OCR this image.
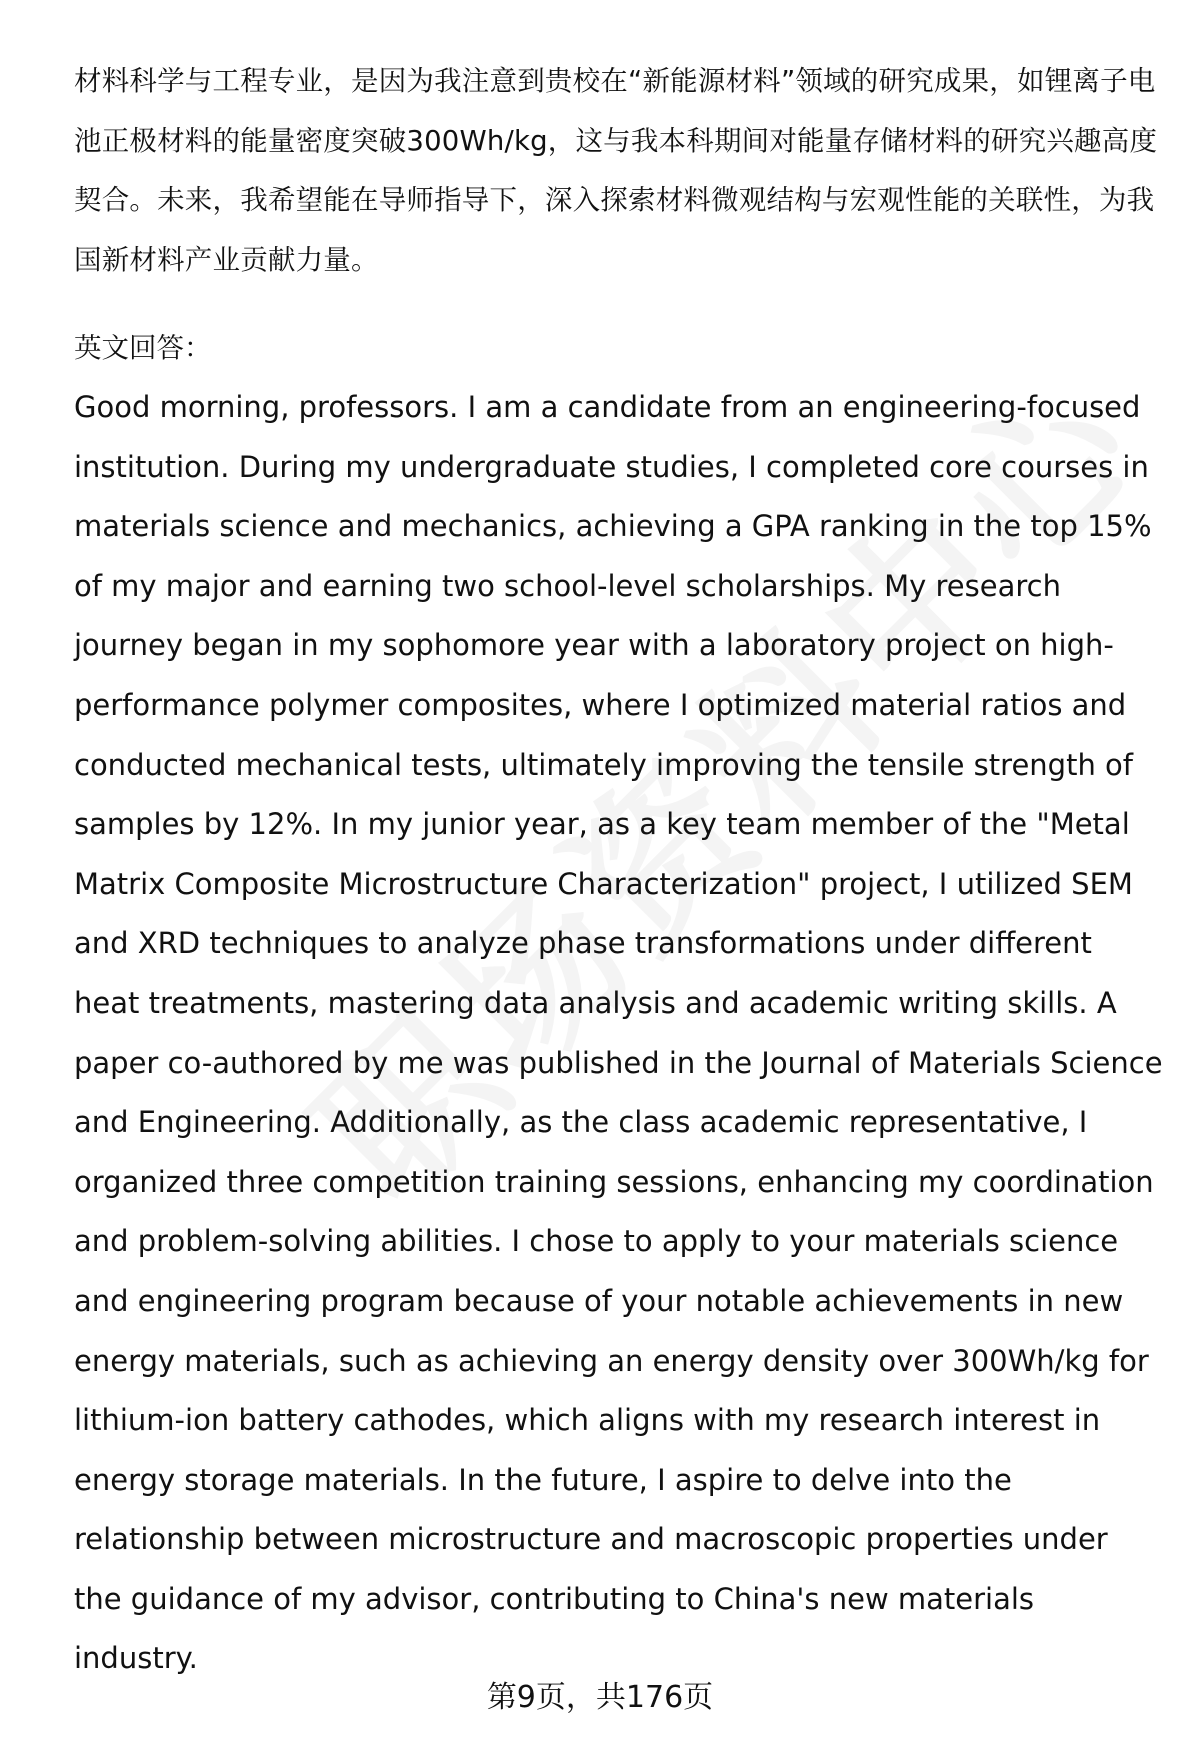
材料科学与工程专业，是因为我注意到贵校在“新能源材料”领域的研究成果，如锂离子电池正极材料的能量密度突破300Wh/kg，这与我本科期间对能量存储材料的研究兴趣高度契合。未来，我希望能在导师指导下，深入探索材料微观结构与宏观性能的关联性，为我国新材料产业贡献力量。

英文回答：

Good morning, professors. I am a candidate from an engineering-focused institution. During my undergraduate studies, I completed core courses in materials science and mechanics, achieving a GPA ranking in the top 15% of my major and earning two school-level scholarships. My research journey began in my sophomore year with a laboratory project on high-performance polymer composites, where I optimized material ratios and conducted mechanical tests, ultimately improving the tensile strength of samples by 12%. In my junior year, as a key team member of the "Metal Matrix Composite Microstructure Characterization" project, I utilized SEM and XRD techniques to analyze phase transformations under different heat treatments, mastering data analysis and academic writing skills. A paper co-authored by me was published in the Journal of Materials Science and Engineering. Additionally, as the class academic representative, I organized three competition training sessions, enhancing my coordination and problem-solving abilities. I chose to apply to your materials science and engineering program because of your notable achievements in new energy materials, such as achieving an energy density over 300Wh/kg for lithium-ion battery cathodes, which aligns with my research interest in energy storage materials. In the future, I aspire to delve into the relationship between microstructure and macroscopic properties under the guidance of my advisor, contributing to China's new materials industry.

第9页，共176页
